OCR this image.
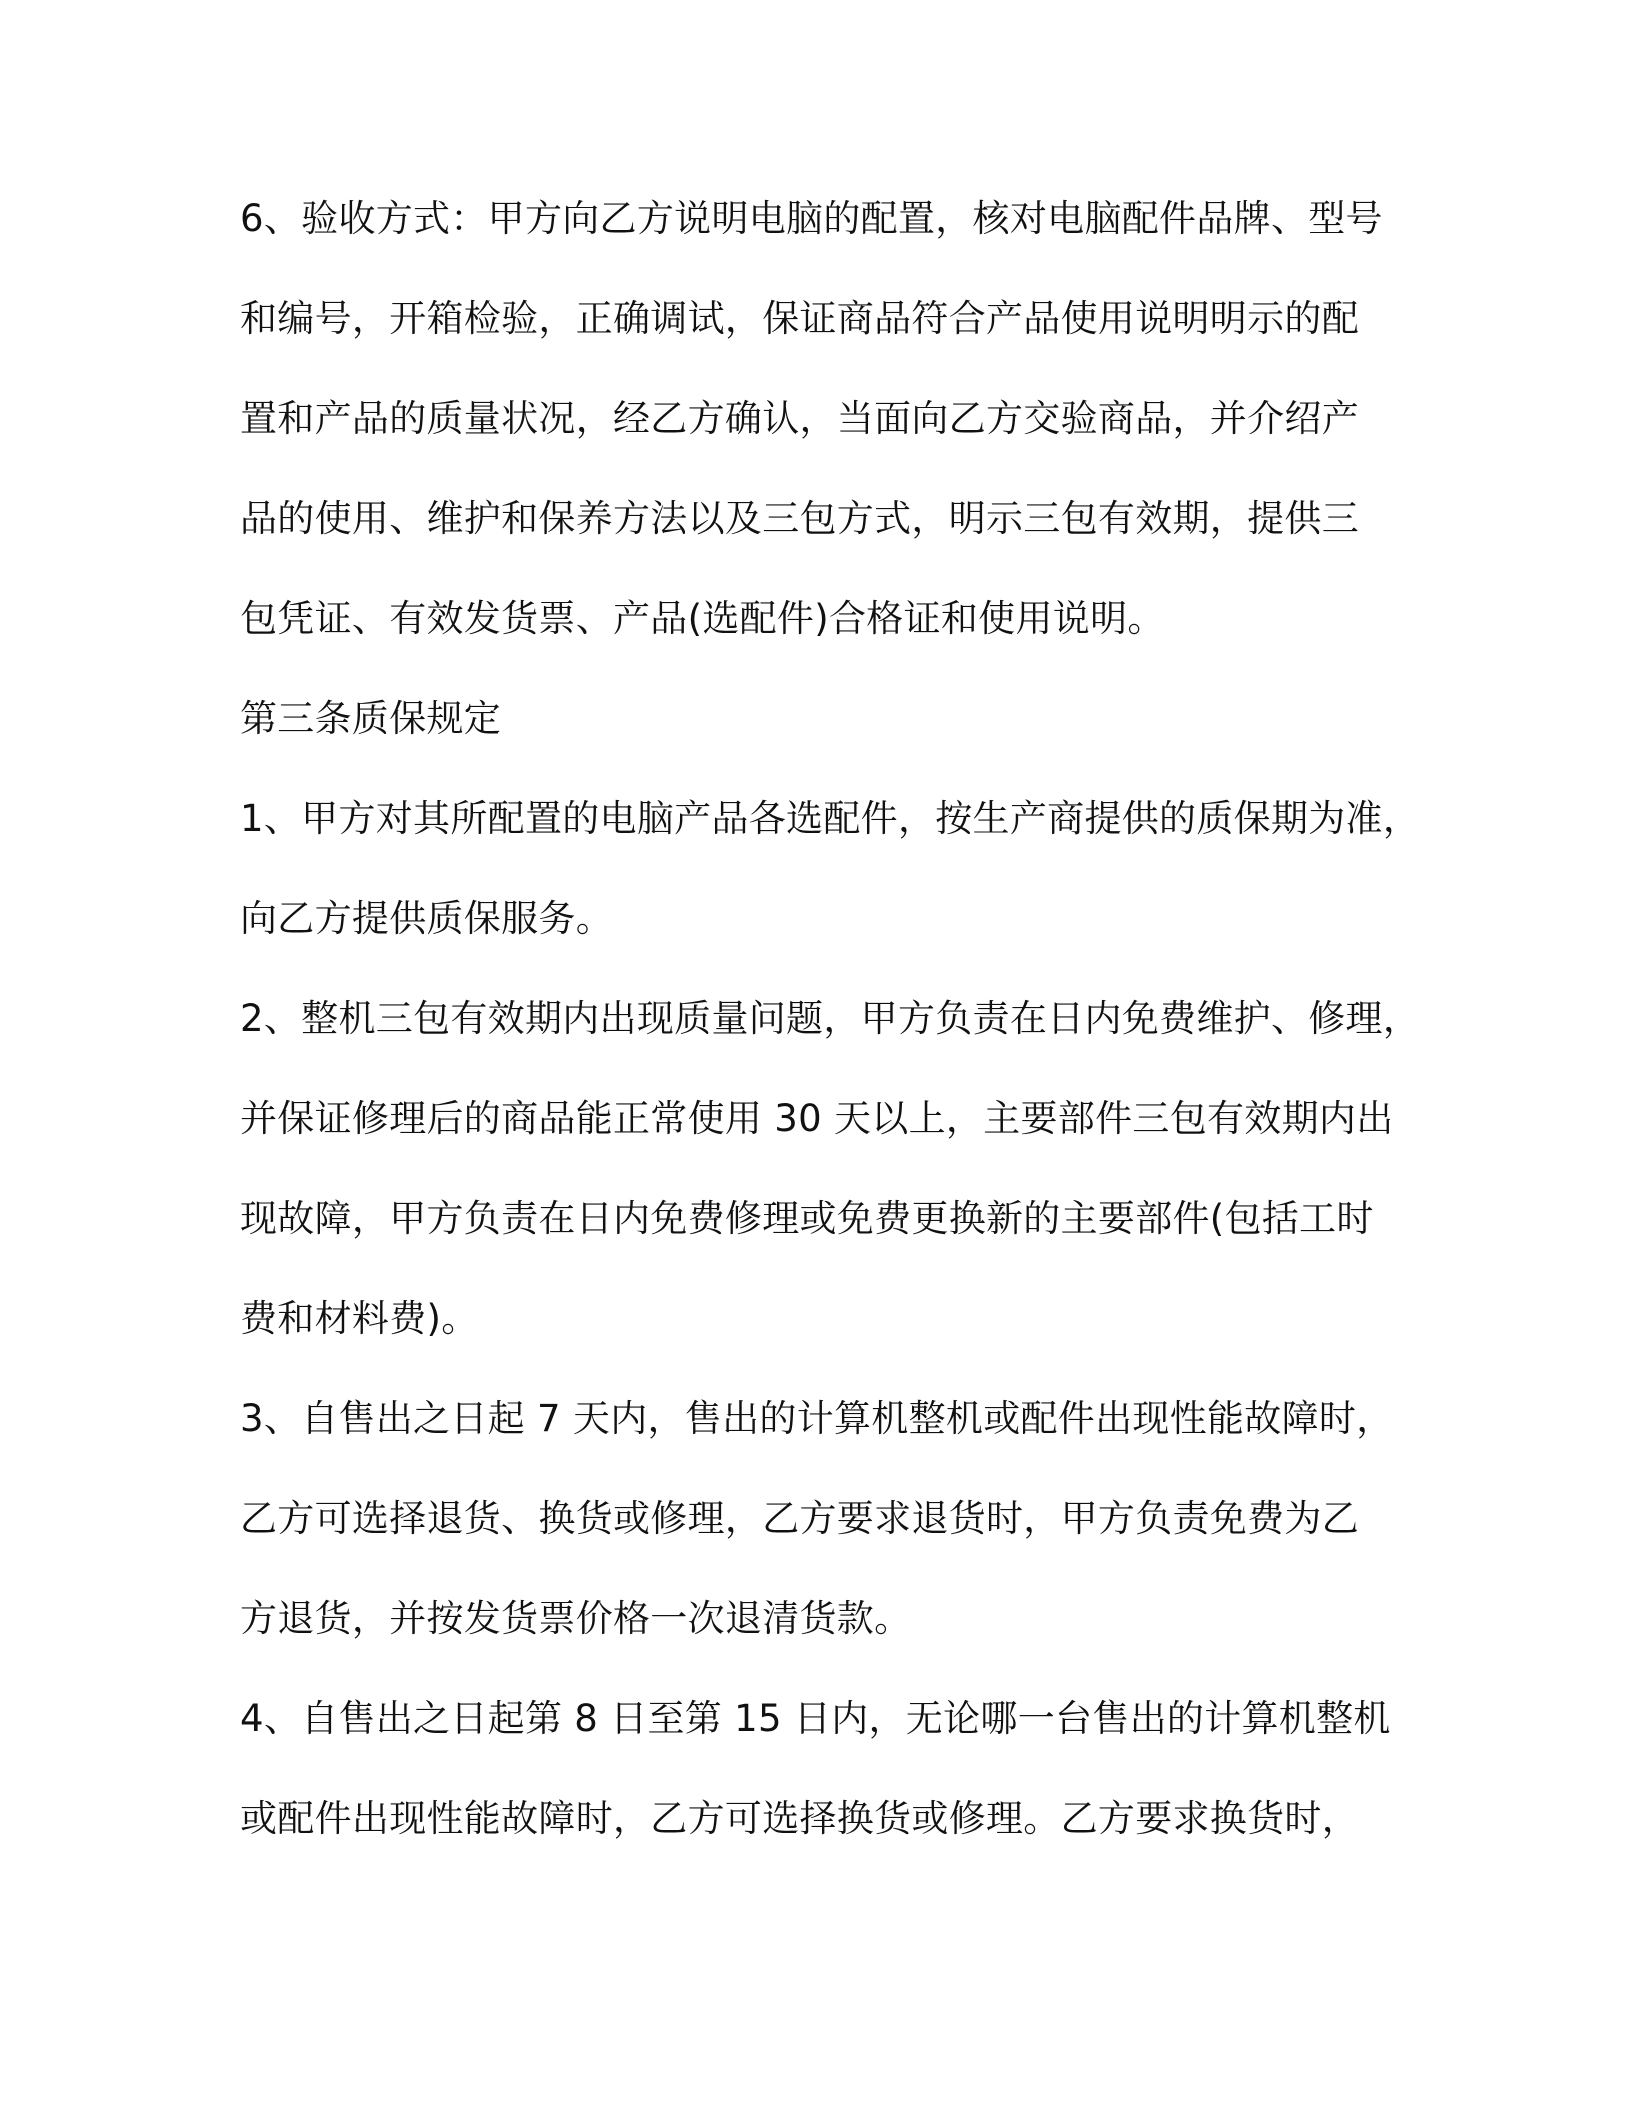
6、验收方式：甲方向乙方说明电脑的配置，核对电脑配件品牌、型号

和编号，开箱检验，正确调试，保证商品符合产品使用说明明示的配

置和产品的质量状况，经乙方确认，当面向乙方交验商品，并介绍产

品的使用、维护和保养方法以及三包方式，明示三包有效期，提供三

包凭证、有效发货票、产品(选配件)合格证和使用说明。

第三条质保规定

1、甲方对其所配置的电脑产品各选配件，按生产商提供的质保期为准，

向乙方提供质保服务。

2、整机三包有效期内出现质量问题，甲方负责在日内免费维护、修理，

并保证修理后的商品能正常使用 30 天以上，主要部件三包有效期内出

现故障，甲方负责在日内免费修理或免费更换新的主要部件(包括工时

费和材料费)。

3、自售出之日起 7 天内，售出的计算机整机或配件出现性能故障时，

乙方可选择退货、换货或修理，乙方要求退货时，甲方负责免费为乙

方退货，并按发货票价格一次退清货款。

4、自售出之日起第 8 日至第 15 日内，无论哪一台售出的计算机整机

或配件出现性能故障时，乙方可选择换货或修理。乙方要求换货时，
